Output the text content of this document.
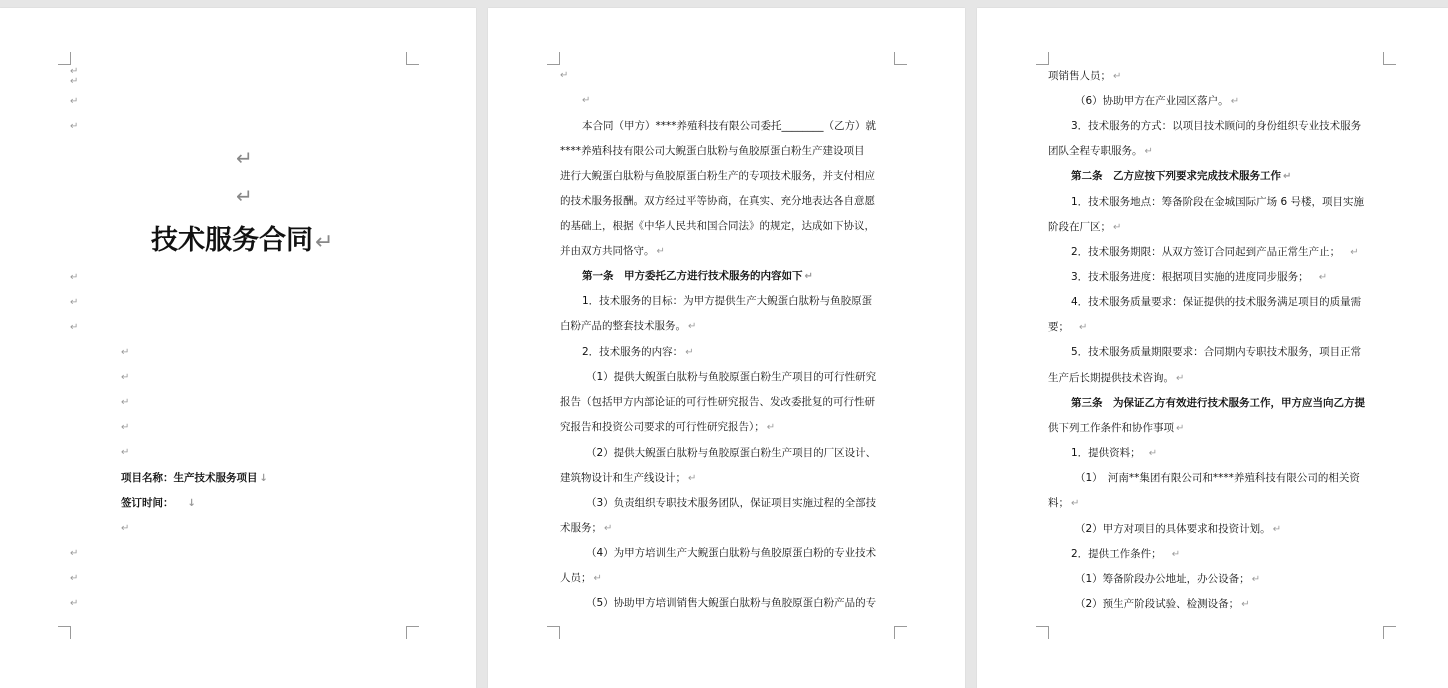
↵
↵
↵
↵
↵
↵
技术服务合同↵
↵
↵
↵
↵
↵
↵
↵
↵
项目名称：生产技术服务项目 ↓
签订时间： ↓
↵
↵
↵
↵
↵
↵
本合同（甲方）****养殖科技有限公司委托________（乙方）就
****养殖科技有限公司大鲵蛋白肽粉与鱼胶原蛋白粉生产建设项目
进行大鲵蛋白肽粉与鱼胶原蛋白粉生产的专项技术服务，并支付相应
的技术服务报酬。双方经过平等协商，在真实、充分地表达各自意愿
的基础上，根据《中华人民共和国合同法》的规定，达成如下协议，
并由双方共同恪守。 ↵
第一条　甲方委托乙方进行技术服务的内容如下 ↵
1．技术服务的目标：为甲方提供生产大鲵蛋白肽粉与鱼胶原蛋
白粉产品的整套技术服务。 ↵
2．技术服务的内容： ↵
（1）提供大鲵蛋白肽粉与鱼胶原蛋白粉生产项目的可行性研究
报告（包括甲方内部论证的可行性研究报告、发改委批复的可行性研
究报告和投资公司要求的可行性研究报告）； ↵
（2）提供大鲵蛋白肽粉与鱼胶原蛋白粉生产项目的厂区设计、
建筑物设计和生产线设计； ↵
（3）负责组织专职技术服务团队，保证项目实施过程的全部技
术服务； ↵
（4）为甲方培训生产大鲵蛋白肽粉与鱼胶原蛋白粉的专业技术
人员； ↵
（5）协助甲方培训销售大鲵蛋白肽粉与鱼胶原蛋白粉产品的专
项销售人员； ↵
（6）协助甲方在产业园区落户。 ↵
3．技术服务的方式：以项目技术顾问的身份组织专业技术服务
团队全程专职服务。 ↵
第二条　乙方应按下列要求完成技术服务工作 ↵
1．技术服务地点：筹备阶段在金城国际广场 6 号楼，项目实施
阶段在厂区； ↵
2．技术服务期限：从双方签订合同起到产品正常生产止； ↵
3．技术服务进度：根据项目实施的进度同步服务； ↵
4．技术服务质量要求：保证提供的技术服务满足项目的质量需
要； ↵
5．技术服务质量期限要求：合同期内专职技术服务，项目正常
生产后长期提供技术咨询。 ↵
第三条　为保证乙方有效进行技术服务工作，甲方应当向乙方提
供下列工作条件和协作事项 ↵
1．提供资料； ↵
（1）　河南**集团有限公司和****养殖科技有限公司的相关资
料； ↵
（2）甲方对项目的具体要求和投资计划。 ↵
2．提供工作条件； ↵
（1）筹备阶段办公地址，办公设备； ↵
（2）预生产阶段试验、检测设备； ↵
